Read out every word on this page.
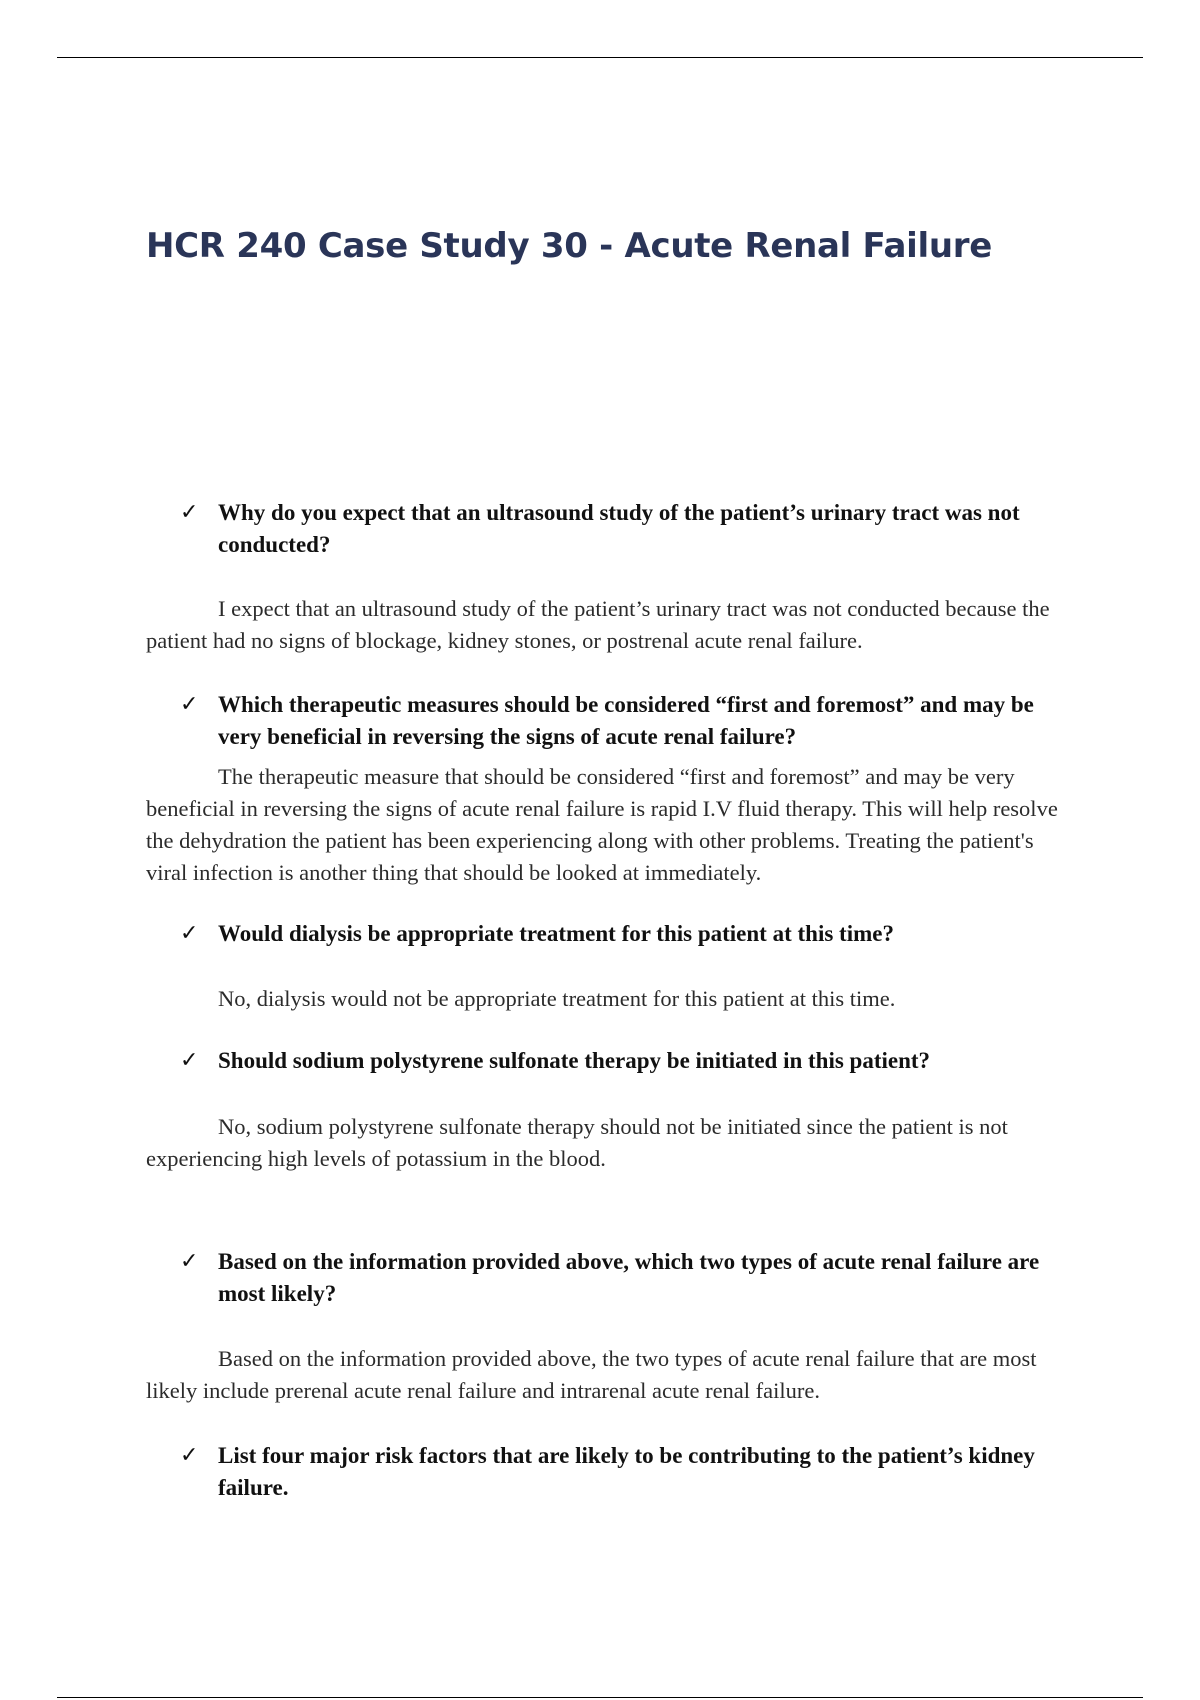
HCR 240 Case Study 30 - Acute Renal Failure

✓ Why do you expect that an ultrasound study of the patient’s urinary tract was not conducted?

I expect that an ultrasound study of the patient’s urinary tract was not conducted because the patient had no signs of blockage, kidney stones, or postrenal acute renal failure.

✓ Which therapeutic measures should be considered “first and foremost” and may be very beneficial in reversing the signs of acute renal failure?

The therapeutic measure that should be considered “first and foremost” and may be very beneficial in reversing the signs of acute renal failure is rapid I.V fluid therapy. This will help resolve the dehydration the patient has been experiencing along with other problems. Treating the patient's viral infection is another thing that should be looked at immediately.

✓ Would dialysis be appropriate treatment for this patient at this time?

No, dialysis would not be appropriate treatment for this patient at this time.

✓ Should sodium polystyrene sulfonate therapy be initiated in this patient?

No, sodium polystyrene sulfonate therapy should not be initiated since the patient is not experiencing high levels of potassium in the blood.

✓ Based on the information provided above, which two types of acute renal failure are most likely?

Based on the information provided above, the two types of acute renal failure that are most likely include prerenal acute renal failure and intrarenal acute renal failure.

✓ List four major risk factors that are likely to be contributing to the patient’s kidney failure.
